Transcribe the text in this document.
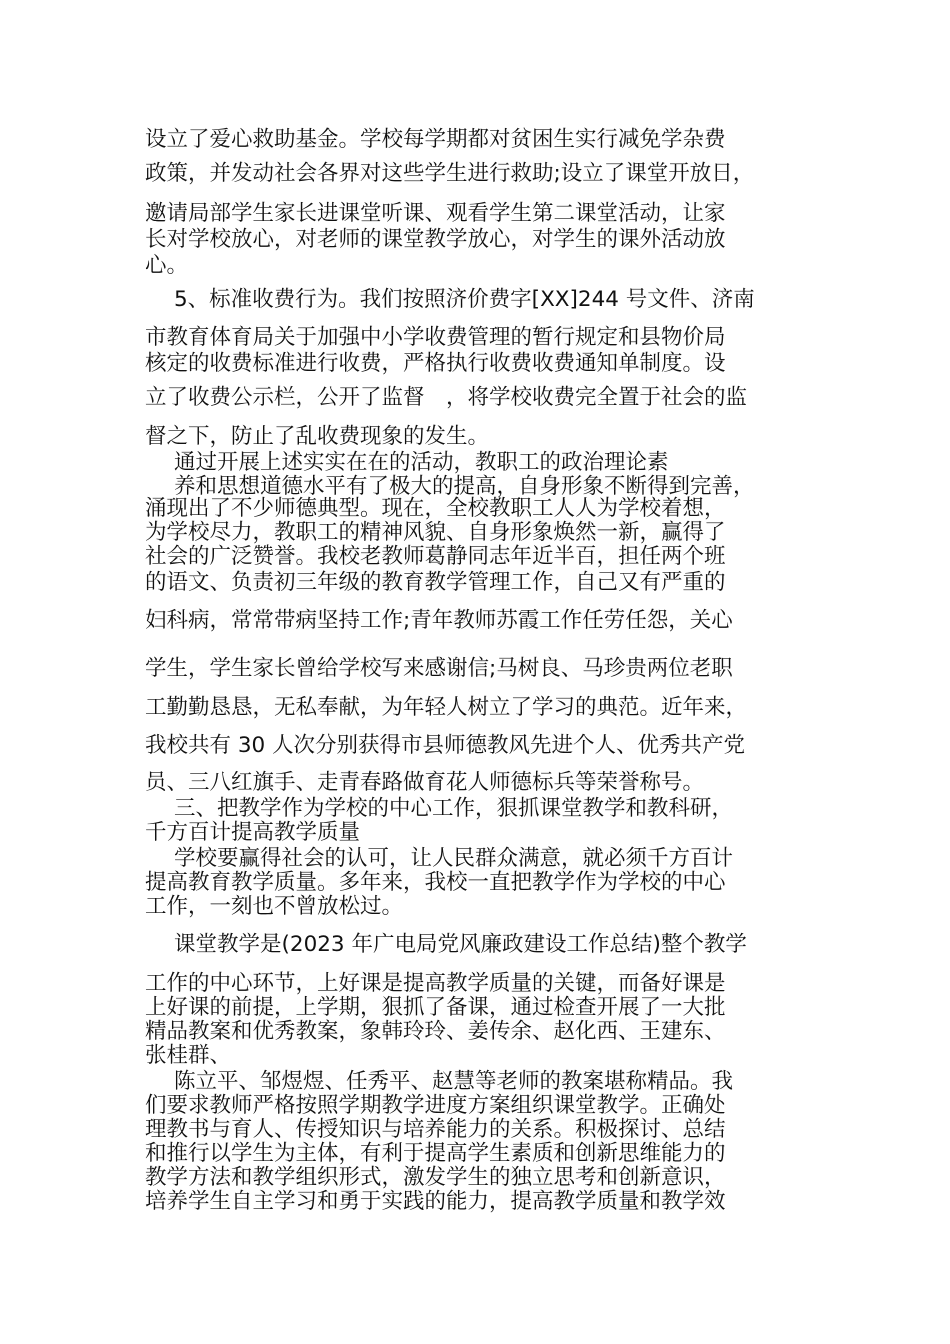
设立了爱心救助基金。学校每学期都对贫困生实行减免学杂费

政策，并发动社会各界对这些学生进行救助;设立了课堂开放日，

邀请局部学生家长进课堂听课、观看学生第二课堂活动，让家

长对学校放心，对老师的课堂教学放心，对学生的课外活动放

心。

5、标准收费行为。我们按照济价费字[XX]244 号文件、济南

市教育体育局关于加强中小学收费管理的暂行规定和县物价局

核定的收费标准进行收费，严格执行收费收费通知单制度。设

立了收费公示栏，公开了监督　，将学校收费完全置于社会的监

督之下，防止了乱收费现象的发生。

通过开展上述实实在在的活动，教职工的政治理论素

养和思想道德水平有了极大的提高，自身形象不断得到完善，

涌现出了不少师德典型。现在，全校教职工人人为学校着想，

为学校尽力，教职工的精神风貌、自身形象焕然一新，赢得了

社会的广泛赞誉。我校老教师葛静同志年近半百，担任两个班

的语文、负责初三年级的教育教学管理工作，自己又有严重的

妇科病，常常带病坚持工作;青年教师苏霞工作任劳任怨，关心

学生，学生家长曾给学校写来感谢信;马树良、马珍贵两位老职

工勤勤恳恳，无私奉献，为年轻人树立了学习的典范。近年来，

我校共有 30 人次分别获得市县师德教风先进个人、优秀共产党

员、三八红旗手、走青春路做育花人师德标兵等荣誉称号。

三、把教学作为学校的中心工作，狠抓课堂教学和教科研，

千方百计提高教学质量

学校要赢得社会的认可，让人民群众满意，就必须千方百计

提高教育教学质量。多年来，我校一直把教学作为学校的中心

工作，一刻也不曾放松过。

课堂教学是(2023 年广电局党风廉政建设工作总结)整个教学

工作的中心环节，上好课是提高教学质量的关键，而备好课是

上好课的前提，上学期，狠抓了备课，通过检查开展了一大批

精品教案和优秀教案，象韩玲玲、姜传余、赵化西、王建东、

张桂群、

陈立平、邹煜煜、任秀平、赵慧等老师的教案堪称精品。我

们要求教师严格按照学期教学进度方案组织课堂教学。正确处

理教书与育人、传授知识与培养能力的关系。积极探讨、总结

和推行以学生为主体，有利于提高学生素质和创新思维能力的

教学方法和教学组织形式，激发学生的独立思考和创新意识，

培养学生自主学习和勇于实践的能力，提高教学质量和教学效
